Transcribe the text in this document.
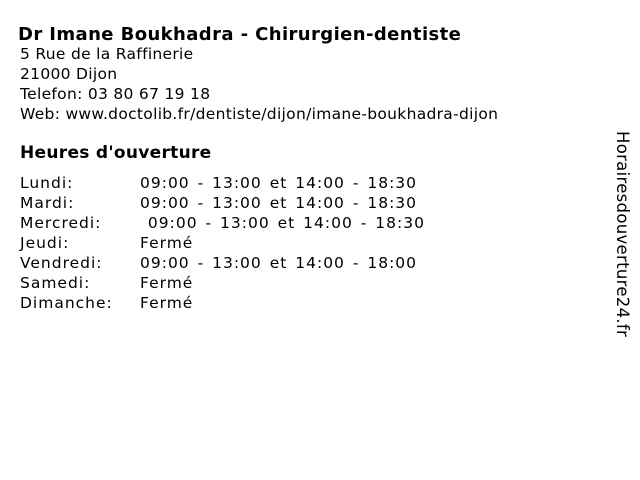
Dr Imane Boukhadra - Chirurgien-dentiste
5 Rue de la Raffinerie
21000 Dijon
Telefon: 03 80 67 19 18
Web: www.doctolib.fr/dentiste/dijon/imane-boukhadra-dijon
Heures d'ouverture
Lundi:	09:00 - 13:00 et 14:00 - 18:30
Mardi:	09:00 - 13:00 et 14:00 - 18:30
Mercredi:	09:00 - 13:00 et 14:00 - 18:30
Jeudi:	Fermé
Vendredi:	09:00 - 13:00 et 14:00 - 18:00
Samedi:	Fermé
Dimanche:	Fermé	Horairesdouverture24.fr
